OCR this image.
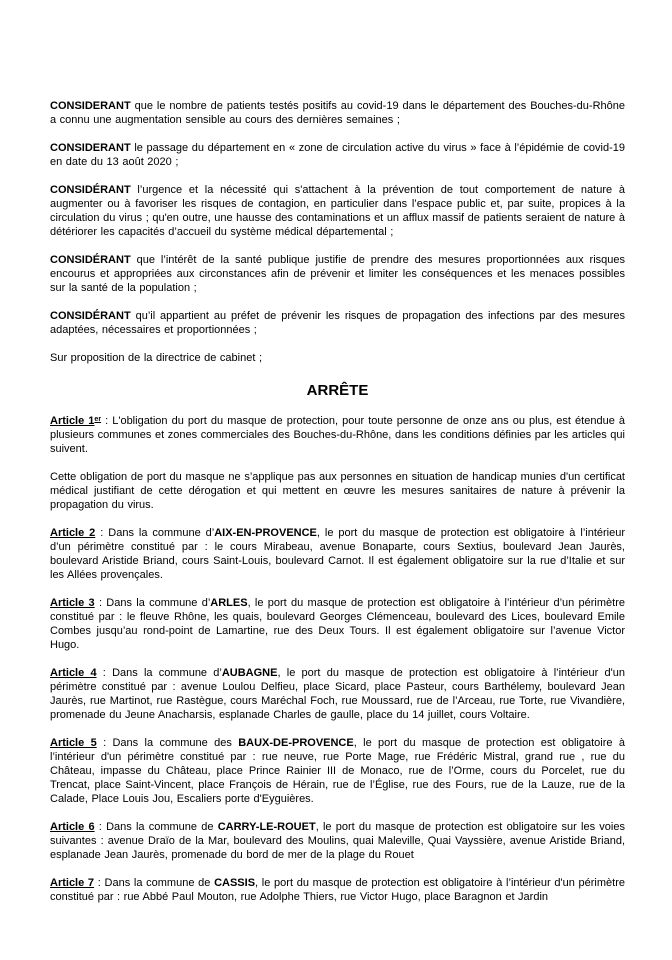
CONSIDERANT que le nombre de patients testés positifs au covid-19 dans le département des Bouches-du-Rhône a connu une augmentation sensible au cours des dernières semaines ;

CONSIDERANT le passage du département en « zone de circulation active du virus » face à l’épidémie de covid-19 en date du 13 août 2020 ;

CONSIDÉRANT l’urgence et la nécessité qui s'attachent à la prévention de tout comportement de nature à augmenter ou à favoriser les risques de contagion, en particulier dans l’espace public et, par suite, propices à la circulation du virus ; qu'en outre, une hausse des contaminations et un afflux massif de patients seraient de nature à détériorer les capacités d’accueil du système médical départemental ;

CONSIDÉRANT que l’intérêt de la santé publique justifie de prendre des mesures proportionnées aux risques encourus et appropriées aux circonstances afin de prévenir et limiter les conséquences et les menaces possibles sur la santé de la population ;

CONSIDÉRANT qu’il appartient au préfet de prévenir les risques de propagation des infections par des mesures adaptées, nécessaires et proportionnées ;

Sur proposition de la directrice de cabinet ;

ARRÊTE

Article 1er : L'obligation du port du masque de protection, pour toute personne de onze ans ou plus, est étendue à plusieurs communes et zones commerciales des Bouches-du-Rhône, dans les conditions définies par les articles qui suivent.

Cette obligation de port du masque ne s’applique pas aux personnes en situation de handicap munies d'un certificat médical justifiant de cette dérogation et qui mettent en œuvre les mesures sanitaires de nature à prévenir la propagation du virus.

Article 2 : Dans la commune d’AIX-EN-PROVENCE, le port du masque de protection est obligatoire à l’intérieur d’un périmètre constitué par : le cours Mirabeau, avenue Bonaparte, cours Sextius, boulevard Jean Jaurès, boulevard Aristide Briand, cours Saint-Louis, boulevard Carnot. Il est également obligatoire sur la rue d’Italie et sur les Allées provençales.

Article 3 : Dans la commune d’ARLES, le port du masque de protection est obligatoire à l’intérieur d’un périmètre constitué par : le fleuve Rhône, les quais, boulevard Georges Clémenceau, boulevard des Lices, boulevard Emile Combes jusqu’au rond-point de Lamartine, rue des Deux Tours. Il est également obligatoire sur l’avenue Victor Hugo.

Article 4 : Dans la commune d’AUBAGNE, le port du masque de protection est obligatoire à l’intérieur d'un périmètre constitué par : avenue Loulou Delfieu, place Sicard, place Pasteur, cours Barthélemy, boulevard Jean Jaurès, rue Martinot, rue Rastègue, cours Maréchal Foch, rue Moussard, rue de l’Arceau, rue Torte, rue Vivandière, promenade du Jeune Anacharsis, esplanade Charles de gaulle, place du 14 juillet, cours Voltaire.

Article 5 : Dans la commune des BAUX-DE-PROVENCE, le port du masque de protection est obligatoire à l’intérieur d'un périmètre constitué par : rue neuve, rue Porte Mage, rue Frédéric Mistral, grand rue , rue du Château, impasse du Château, place Prince Rainier III de Monaco, rue de l’Orme, cours du Porcelet, rue du Trencat, place Saint-Vincent, place François de Hérain, rue de l’Église, rue des Fours, rue de la Lauze, rue de la Calade, Place Louis Jou, Escaliers porte d'Eyguières.

Article 6 : Dans la commune de CARRY-LE-ROUET, le port du masque de protection est obligatoire sur les voies suivantes : avenue Draïo de la Mar, boulevard des Moulins, quai Maleville, Quai Vayssière, avenue Aristide Briand, esplanade Jean Jaurès, promenade du bord de mer de la plage du Rouet

Article 7 : Dans la commune de CASSIS, le port du masque de protection est obligatoire à l’intérieur d'un périmètre constitué par : rue Abbé Paul Mouton, rue Adolphe Thiers, rue Victor Hugo, place Baragnon et Jardin
